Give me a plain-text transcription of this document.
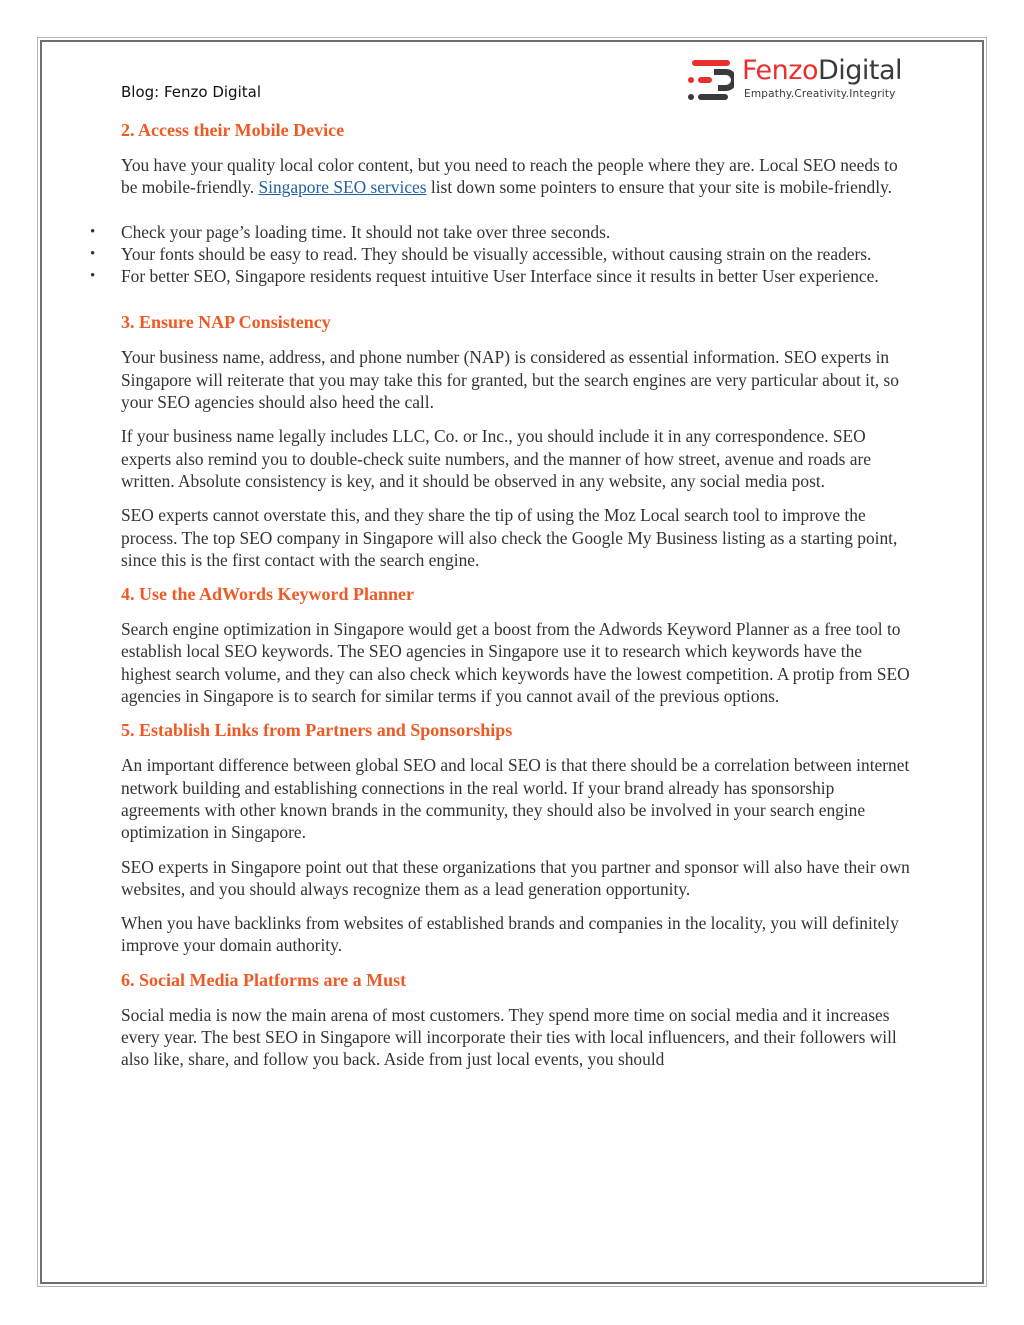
Blog: Fenzo Digital
FenzoDigital
Empathy.Creativity.Integrity
2. Access their Mobile Device

You have your quality local color content, but you need to reach the people where they are. Local SEO needs to be mobile-friendly. Singapore SEO services list down some pointers to ensure that your site is mobile-friendly.

• Check your page’s loading time. It should not take over three seconds.
• Your fonts should be easy to read. They should be visually accessible, without causing strain on the readers.
• For better SEO, Singapore residents request intuitive User Interface since it results in better User experience.
3. Ensure NAP Consistency

Your business name, address, and phone number (NAP) is considered as essential information. SEO experts in Singapore will reiterate that you may take this for granted, but the search engines are very particular about it, so your SEO agencies should also heed the call.

If your business name legally includes LLC, Co. or Inc., you should include it in any correspondence. SEO experts also remind you to double-check suite numbers, and the manner of how street, avenue and roads are written. Absolute consistency is key, and it should be observed in any website, any social media post.

SEO experts cannot overstate this, and they share the tip of using the Moz Local search tool to improve the process. The top SEO company in Singapore will also check the Google My Business listing as a starting point, since this is the first contact with the search engine.

4. Use the AdWords Keyword Planner

Search engine optimization in Singapore would get a boost from the Adwords Keyword Planner as a free tool to establish local SEO keywords. The SEO agencies in Singapore use it to research which keywords have the highest search volume, and they can also check which keywords have the lowest competition. A protip from SEO agencies in Singapore is to search for similar terms if you cannot avail of the previous options.

5. Establish Links from Partners and Sponsorships

An important difference between global SEO and local SEO is that there should be a correlation between internet network building and establishing connections in the real world. If your brand already has sponsorship agreements with other known brands in the community, they should also be involved in your search engine optimization in Singapore.

SEO experts in Singapore point out that these organizations that you partner and sponsor will also have their own websites, and you should always recognize them as a lead generation opportunity.

When you have backlinks from websites of established brands and companies in the locality, you will definitely improve your domain authority.

6. Social Media Platforms are a Must

Social media is now the main arena of most customers. They spend more time on social media and it increases every year. The best SEO in Singapore will incorporate their ties with local influencers, and their followers will also like, share, and follow you back. Aside from just local events, you should
